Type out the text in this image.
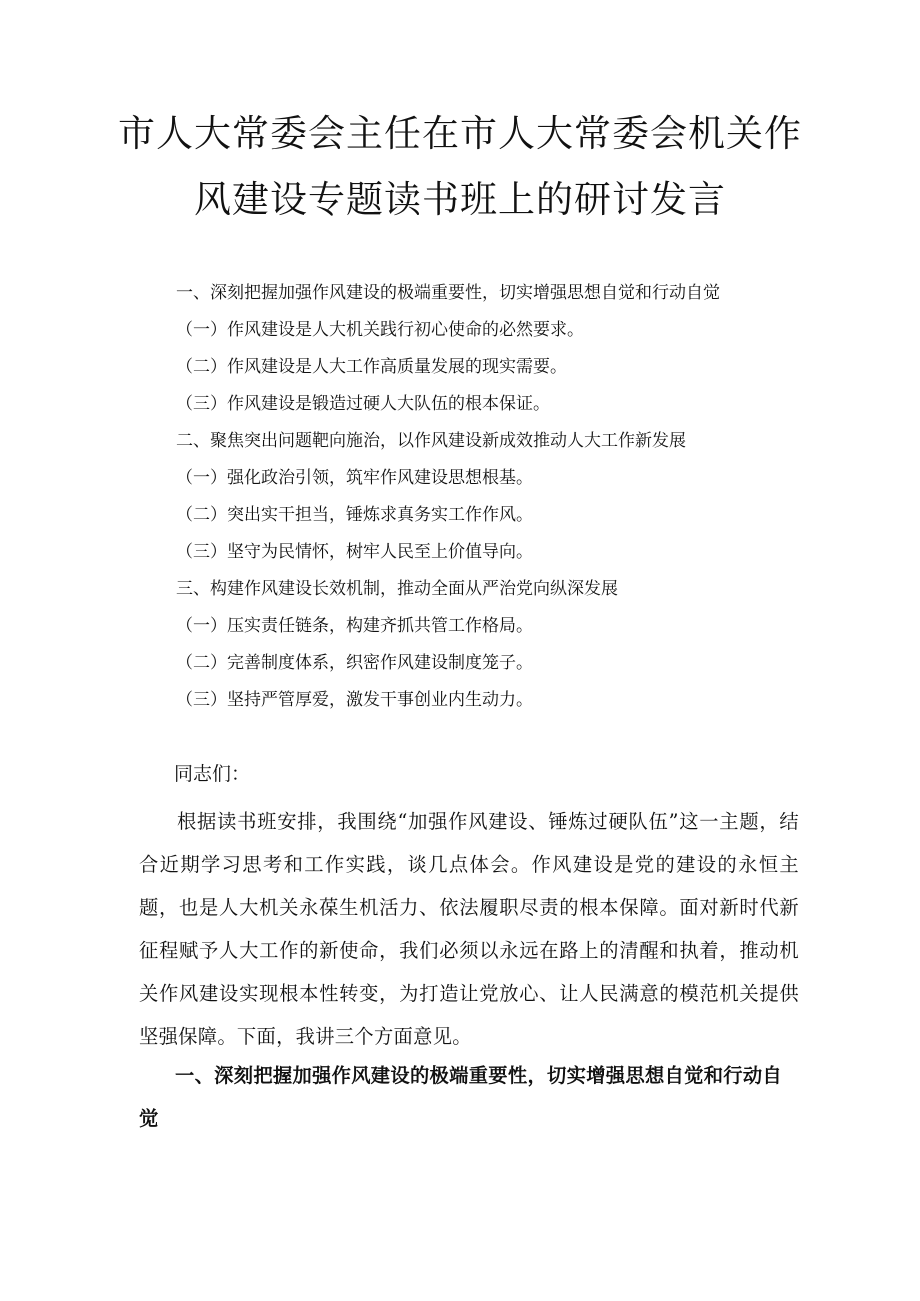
市人大常委会主任在市人大常委会机关作
风建设专题读书班上的研讨发言
一、深刻把握加强作风建设的极端重要性，切实增强思想自觉和行动自觉
（一）作风建设是人大机关践行初心使命的必然要求。
（二）作风建设是人大工作高质量发展的现实需要。
（三）作风建设是锻造过硬人大队伍的根本保证。
二、聚焦突出问题靶向施治，以作风建设新成效推动人大工作新发展
（一）强化政治引领，筑牢作风建设思想根基。
（二）突出实干担当，锤炼求真务实工作作风。
（三）坚守为民情怀，树牢人民至上价值导向。
三、构建作风建设长效机制，推动全面从严治党向纵深发展
（一）压实责任链条，构建齐抓共管工作格局。
（二）完善制度体系，织密作风建设制度笼子。
（三）坚持严管厚爱，激发干事创业内生动力。
同志们：
根据读书班安排，我围绕“加强作风建设、锤炼过硬队伍”这一主题，结合近期学习思考和工作实践，谈几点体会。作风建设是党的建设的永恒主题，也是人大机关永葆生机活力、依法履职尽责的根本保障。面对新时代新征程赋予人大工作的新使命，我们必须以永远在路上的清醒和执着，推动机关作风建设实现根本性转变，为打造让党放心、让人民满意的模范机关提供坚强保障。下面，我讲三个方面意见。
一、深刻把握加强作风建设的极端重要性，切实增强思想自觉和行动自觉
